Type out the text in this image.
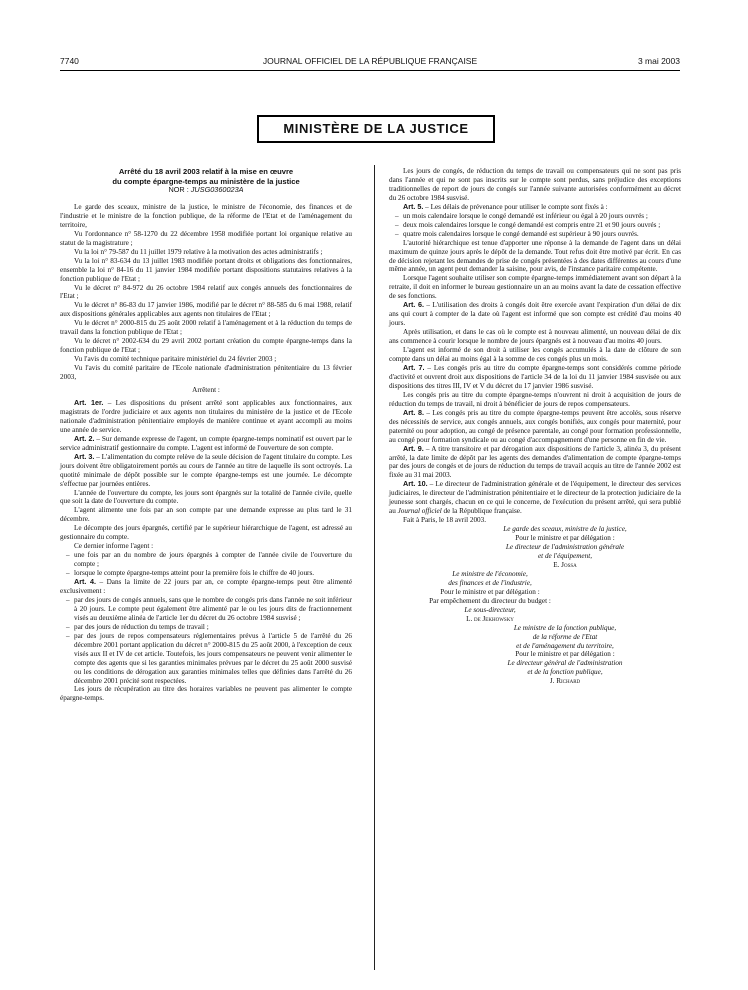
7740	JOURNAL OFFICIEL DE LA RÉPUBLIQUE FRANÇAISE	3 mai 2003
MINISTÈRE DE LA JUSTICE

Arrêté du 18 avril 2003 relatif à la mise en œuvre

du compte épargne-temps au ministère de la justice

NOR : JUSG0360023A

Le garde des sceaux, ministre de la justice, le ministre de l'économie, des finances et de l'industrie et le ministre de la fonction publique, de la réforme de l'Etat et de l'aménagement du territoire,

Vu l'ordonnance n° 58-1270 du 22 décembre 1958 modifiée portant loi organique relative au statut de la magistrature ;

Vu la loi n° 79-587 du 11 juillet 1979 relative à la motivation des actes administratifs ;

Vu la loi n° 83-634 du 13 juillet 1983 modifiée portant droits et obligations des fonctionnaires, ensemble la loi n° 84-16 du 11 janvier 1984 modifiée portant dispositions statutaires relatives à la fonction publique de l'Etat ;

Vu le décret n° 84-972 du 26 octobre 1984 relatif aux congés annuels des fonctionnaires de l'Etat ;

Vu le décret n° 86-83 du 17 janvier 1986, modifié par le décret n° 88-585 du 6 mai 1988, relatif aux dispositions générales applicables aux agents non titulaires de l'Etat ;

Vu le décret n° 2000-815 du 25 août 2000 relatif à l'aménagement et à la réduction du temps de travail dans la fonction publique de l'Etat ;

Vu le décret n° 2002-634 du 29 avril 2002 portant création du compte épargne-temps dans la fonction publique de l'Etat ;

Vu l'avis du comité technique paritaire ministériel du 24 février 2003 ;

Vu l'avis du comité paritaire de l'Ecole nationale d'administration pénitentiaire du 13 février 2003,

Arrêtent :

Art. 1er. – Les dispositions du présent arrêté sont applicables aux fonctionnaires, aux magistrats de l'ordre judiciaire et aux agents non titulaires du ministère de la justice et de l'Ecole nationale d'administration pénitentiaire employés de manière continue et ayant accompli au moins une année de service.

Art. 2. – Sur demande expresse de l'agent, un compte épargne-temps nominatif est ouvert par le service administratif gestionnaire du compte. L'agent est informé de l'ouverture de son compte.

Art. 3. – L'alimentation du compte relève de la seule décision de l'agent titulaire du compte. Les jours doivent être obligatoirement portés au cours de l'année au titre de laquelle ils sont octroyés. La quotité minimale de dépôt possible sur le compte épargne-temps est une journée. Le décompte s'effectue par journées entières.

L'année de l'ouverture du compte, les jours sont épargnés sur la totalité de l'année civile, quelle que soit la date de l'ouverture du compte.

L'agent alimente une fois par an son compte par une demande expresse au plus tard le 31 décembre.

Le décompte des jours épargnés, certifié par le supérieur hiérarchique de l'agent, est adressé au gestionnaire du compte.

Ce dernier informe l'agent :

– une fois par an du nombre de jours épargnés à compter de l'année civile de l'ouverture du compte ;

– lorsque le compte épargne-temps atteint pour la première fois le chiffre de 40 jours.

Art. 4. – Dans la limite de 22 jours par an, ce compte épargne-temps peut être alimenté exclusivement :

– par des jours de congés annuels, sans que le nombre de congés pris dans l'année ne soit inférieur à 20 jours. Le compte peut également être alimenté par le ou les jours dits de fractionnement visés au deuxième alinéa de l'article 1er du décret du 26 octobre 1984 susvisé ;

– par des jours de réduction du temps de travail ;

– par des jours de repos compensateurs réglementaires prévus à l'article 5 de l'arrêté du 26 décembre 2001 portant application du décret n° 2000-815 du 25 août 2000, à l'exception de ceux visés aux II et IV de cet article. Toutefois, les jours compensateurs ne peuvent venir alimenter le compte des agents que si les garanties minimales prévues par le décret du 25 août 2000 susvisé ou les conditions de dérogation aux garanties minimales telles que définies dans l'arrêté du 26 décembre 2001 précité sont respectées.

Les jours de récupération au titre des horaires variables ne peuvent pas alimenter le compte épargne-temps.

Les jours de congés, de réduction du temps de travail ou compensateurs qui ne sont pas pris dans l'année et qui ne sont pas inscrits sur le compte sont perdus, sans préjudice des exceptions traditionnelles de report de jours de congés sur l'année suivante autorisées conformément au décret du 26 octobre 1984 susvisé.

Art. 5. – Les délais de prévenance pour utiliser le compte sont fixés à :

– un mois calendaire lorsque le congé demandé est inférieur ou égal à 20 jours ouvrés ;

– deux mois calendaires lorsque le congé demandé est compris entre 21 et 90 jours ouvrés ;

– quatre mois calendaires lorsque le congé demandé est supérieur à 90 jours ouvrés.

L'autorité hiérarchique est tenue d'apporter une réponse à la demande de l'agent dans un délai maximum de quinze jours après le dépôt de la demande. Tout refus doit être motivé par écrit. En cas de décision rejetant les demandes de prise de congés présentées à des dates différentes au cours d'une même année, un agent peut demander la saisine, pour avis, de l'instance paritaire compétente.

Lorsque l'agent souhaite utiliser son compte épargne-temps immédiatement avant son départ à la retraite, il doit en informer le bureau gestionnaire un an au moins avant la date de cessation effective de ses fonctions.

Art. 6. – L'utilisation des droits à congés doit être exercée avant l'expiration d'un délai de dix ans qui court à compter de la date où l'agent est informé que son compte est crédité d'au moins 40 jours.

Après utilisation, et dans le cas où le compte est à nouveau alimenté, un nouveau délai de dix ans commence à courir lorsque le nombre de jours épargnés est à nouveau d'au moins 40 jours.

L'agent est informé de son droit à utiliser les congés accumulés à la date de clôture de son compte dans un délai au moins égal à la somme de ces congés plus un mois.

Art. 7. – Les congés pris au titre du compte épargne-temps sont considérés comme période d'activité et ouvrent droit aux dispositions de l'article 34 de la loi du 11 janvier 1984 susvisée ou aux dispositions des titres III, IV et V du décret du 17 janvier 1986 susvisé.

Les congés pris au titre du compte épargne-temps n'ouvrent ni droit à acquisition de jours de réduction du temps de travail, ni droit à bénéficier de jours de repos compensateurs.

Art. 8. – Les congés pris au titre du compte épargne-temps peuvent être accolés, sous réserve des nécessités de service, aux congés annuels, aux congés bonifiés, aux congés pour maternité, pour paternité ou pour adoption, au congé de présence parentale, au congé pour formation professionnelle, au congé pour formation syndicale ou au congé d'accompagnement d'une personne en fin de vie.

Art. 9. – A titre transitoire et par dérogation aux dispositions de l'article 3, alinéa 3, du présent arrêté, la date limite de dépôt par les agents des demandes d'alimentation de compte épargne-temps par des jours de congés et de jours de réduction du temps de travail acquis au titre de l'année 2002 est fixée au 31 mai 2003.

Art. 10. – Le directeur de l'administration générale et de l'équipement, le directeur des services judiciaires, le directeur de l'administration pénitentiaire et le directeur de la protection judiciaire de la jeunesse sont chargés, chacun en ce qui le concerne, de l'exécution du présent arrêté, qui sera publié au Journal officiel de la République française.

Fait à Paris, le 18 avril 2003.

Le garde des sceaux, ministre de la justice,

Pour le ministre et par délégation :

Le directeur de l'administration générale

et de l'équipement,

E. Jossa

Le ministre de l'économie,

des finances et de l'industrie,

Pour le ministre et par délégation :

Par empêchement du directeur du budget :

Le sous-directeur,

L. de Jekhowsky

Le ministre de la fonction publique,

de la réforme de l'Etat

et de l'aménagement du territoire,

Pour le ministre et par délégation :

Le directeur général de l'administration

et de la fonction publique,

J. Richard
